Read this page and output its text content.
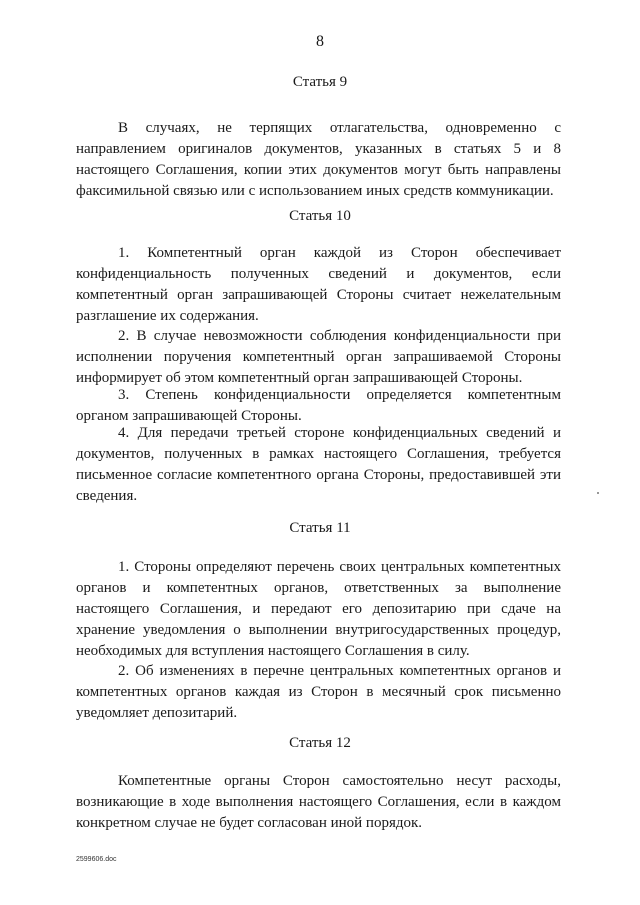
8
Статья 9

В случаях, не терпящих отлагательства, одновременно с направлением оригиналов документов, указанных в статьях 5 и 8 настоящего Соглашения, копии этих документов могут быть направлены факсимильной связью или с использованием иных средств коммуникации.

Статья 10

1. Компетентный орган каждой из Сторон обеспечивает конфиденциальность полученных сведений и документов, если компетентный орган запрашивающей Стороны считает нежелательным разглашение их содержания.

2. В случае невозможности соблюдения конфиденциальности при исполнении поручения компетентный орган запрашиваемой Стороны информирует об этом компетентный орган запрашивающей Стороны.

3. Степень конфиденциальности определяется компетентным органом запрашивающей Стороны.

4. Для передачи третьей стороне конфиденциальных сведений и документов, полученных в рамках настоящего Соглашения, требуется письменное согласие компетентного органа Стороны, предоставившей эти сведения.

Статья 11

1. Стороны определяют перечень своих центральных компетентных органов и компетентных органов, ответственных за выполнение настоящего Соглашения, и передают его депозитарию при сдаче на хранение уведомления о выполнении внутригосударственных процедур, необходимых для вступления настоящего Соглашения в силу.

2. Об изменениях в перечне центральных компетентных органов и компетентных органов каждая из Сторон в месячный срок письменно уведомляет депозитарий.

Статья 12

Компетентные органы Сторон самостоятельно несут расходы, возникающие в ходе выполнения настоящего Соглашения, если в каждом конкретном случае не будет согласован иной порядок.

2599606.doc
